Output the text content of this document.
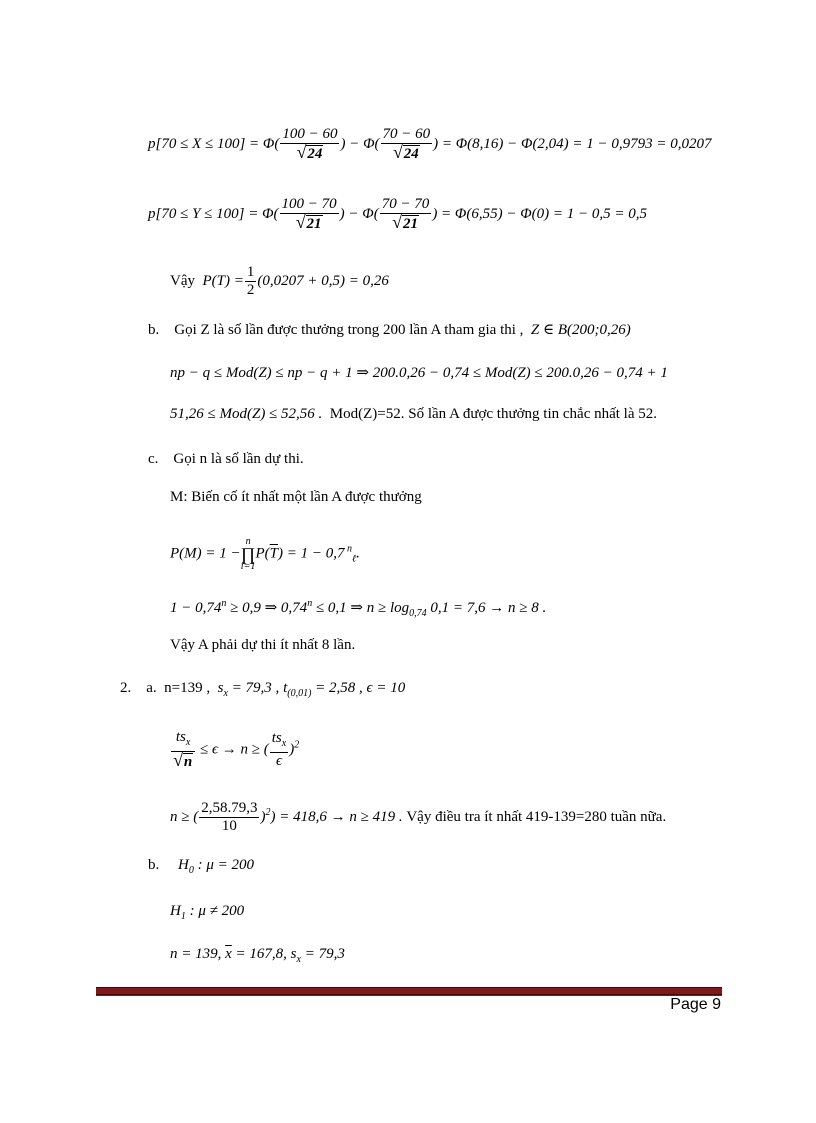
$p[70 \le X \le 100] = \Phi( \frac{100 - 60}{√24}$ ) − $\Phi( \frac{70 - 60}{√24}$ ) = Φ(8,16) − Φ(2,04) = 1 − 0,9793 = 0,0207
$p[70 \le Y \le 100] = \Phi( \frac{100 - 70}{√21}$ ) − $\Phi( \frac{70 - 70}{√21}$ ) = Φ(6,55) − Φ(0) = 1 − 0,5 = 0,5
Vậy $P(T) = \frac{1}{2} (0,0207 + 0,5) = 0,26$
b. Gọi Z là số lần được thưởng trong 200 lần A tham gia thi , Z ∈ B(200;0,26)
np − q ≤ Mod(Z) ≤ np − q + 1 ⇒ 200.0,26 − 0,74 ≤ Mod(Z) ≤ 200.0,26 − 0,74 + 1
51,26 ≤ Mod(Z) ≤ 52,56 . Mod(Z)=52. Số lần A được thưởng tin chắc nhất là 52.
c. Gọi n là số lần dự thi.
M: Biến cố ít nhất một lần A được thưởng
P(M) = 1 −n
∏
$i=1P(\overline{T}) = 1 - 0,7$ $^n_\ell$.
$1 - 0,74^n \ge 0,9$ ⇒ $0,74^n \le 0,1$ ⇒ $n \ge \log_{0,74} 0,1 = 7,6 \to n \ge 8$ .
Vậy A phải dự thi ít nhất 8 lần.
2. a. n=139 , $s_x = 79,3$ , $t_{(0,01)} = 2,58$ , ϵ = 10
$\frac{ts_x}{√n} \le \epsilon \to n$ ≥ ( $\frac{ts_x}{\epsilon} )^2$
n ≥ ( $\frac{2,58.79,3}{10} )^2) = 418,6 \to n \ge 419$ . Vậy điều tra ít nhất 419-139=280 tuần nữa.
b. $H_0$ : μ = 200
$H_1$ : μ ≠ 200
n = 139, $\overline{x} = 167,8$, $s_x = 79,3$
Page 9
